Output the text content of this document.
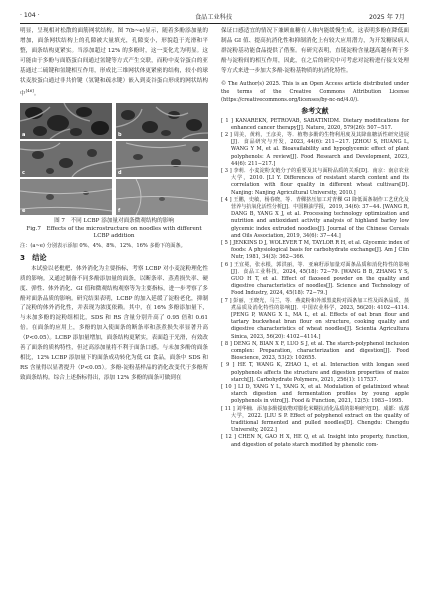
· 104 ·	食品工业科技	2025 年 7月

明显，呈现相对松散的面筋网状结构。图 7(b~e)显示，随着多酚添加量的增加，面条网状结构上的孔隙被大量填充，孔隙变小，形貌趋于光滑和平整，面条结构更紧实。当添加超过 12% 的多酚时，这一变化尤为明显。这可能由于多酚与面筋蛋白间通过氢键等方式产生交联，而粉中麦谷蛋白的亚基通过二硫键和氢键相互作用，形成比三维网状体更紧密的结构，较小的球状麦胶蛋白通过非共价键（氢键和疏水键）嵌入到麦谷蛋白形成的网状结构中[46]。

a	b
c	d
e	f

图 7　不同 LCBP 添加量对面条微观结构的影响

Fig.7　Effects of the microstructure on noodles with different

LCBP addition

注：(a~e) 分别表示添加 0%、4%、8%、12%、16% 多酚下的面条。

3　结论

本试验以老枇杷、体外消化为主要指标，考察 LCBP 对小麦淀粉理化性质的影响。又通过制备不同多酚添加量的面条，以断条率、蒸煮损失率、硬度、弹性、体外消化、GI 值和微观结构观察等为主要指标，进一步考察了多酚对面条品质的影响。研究结果表明，LCBP 的加入延缓了淀粉老化，抑制了淀粉的体外消化性，并表现为浓度依赖。其中，在 16% 多酚添加量下，与未加多酚的淀粉组相比，SDS 和 RS 含量分别升高了 0.95 倍和 0.61 倍。在面条的应用上，多酚的加入使面条的断条率和蒸煮损失率显著升高（P<0.05）。LCBP 添加量增加，面条结构更紧实，表面趋于光滑，有效改善了面条的质构特性，但过高添加量将不利于面条口感。与未加多酚的面条相比，12% LCBP 添加量下的面条成功转化为低 GI 食品，面条中 SDS 和 RS 含量得以显著提升（P<0.05）。多酚-淀粉基样品的消化改变代于多酚所致面条结构。综合上述指标得出，添加 12% 多酚的面条可做到在

保证口感适宜的情况下兼顾血糖在人体内能缓慢生成。这表明多酚在降低面制品 GI 值、提高抗消化性和抑制消化上有较大应用潜力，为开发糖尿病人群淀粉基功能食品提供了借鉴。有研究表明，直链淀粉含量越高越有利于多酚与淀粉间的相互作用，因此，在之后的研究中可考虑对淀粉进行接支处理等方式来进一步加大多酚-淀粉基物质的抗消化特性。

© The Author(s) 2025. This is an Open Access article distributed under the terms of the Creative Commons Attribution License (https://creativecommons.org/licenses/by-nc-nd/4.0/).

参考文献

[ 1 ] KANAREKN, PETROVAB, SABATINIDM. Dietary modifications for enhanced cancer therapy[J]. Nature, 2020, 579(26): 507−517.

[ 2 ] 周美，黄莉，王彦美，等．植物多酚的生物利用度及其降血糖活性研究进展[J]．食品研究与开发，2023, 44(6): 211−217. [ZHOU S, HUANG L, WANG Y M, et al. Bioavailability and hypoglycemic effect of plant polyphenols: A review[J]. Food Research and Development, 2023, 44(6): 211−217.]

[ 3 ] 李莉．小麦淀粉支链分子的重要及其与面粉品质的关系[D]．南京：南京农业大学，2010. [LI Y. Differences of resistant starch content and its correlation with flour quality in different wheat cultivars[D]. Nanjing: Nanjing Agricultural University, 2010.]

[ 4 ] 王鹏，史敏，杨春晓，等．青稞挤压加工对青稞 GI 降低面条制作工艺优化及营养与抗氧化活性分析[J]．中国粮油学报，2019, 34(6): 37−44. [WANG R, DANG B, YANG X J, et al. Processing technology optimization and nutrition and antioxidant activity analysis of highland barley low glycemic index extruded noodles[J]. Journal of the Chinese Cereals and Oils Association, 2019, 34(6): 37−44.]

[ 5 ] JENKINS D J, WOLEVER T M, TAYLOR R H, et al. Glycemic index of foods: A physiological basis for carbohydrate exchange[J]. Am J Clin Nutr, 1981, 34(3): 362−366.

[ 6 ] 王宜冕，张水根，郭洪丽，等．亚麻籽添加量对面条品质和消化特性的影响[J]．食品工业科技，2024, 45(18): 72−79. [WANG B B, ZHANG Y S, GUO H T, et al. Effect of flaxseed powder on the quality and digestive characteristics of noodles[J]. Science and Technology of Food Industry, 2024, 45(18): 72−79.]

[ 7 ] 彭丽，王晓光，马兰，等．燕麦粉和外部黑麦粉对面条加工性及面条品质、蒸煮品质及消化特性的影响[J]．中国农业科学，2023, 56(20): 4102−4114. [PENG P, WANG X L, MA L, et al. Effects of oat bran flour and tartary buckwheat bran flour on structure, cooking quality and digestive characteristics of wheat noodles[J]. Scientia Agricultura Sinica, 2023, 56(20): 4102−4114.]

[ 8 ] DENG N, BIAN X F, LUO S J, et al. The starch-polyphenol inclusion complex: Preparation, characterization and digestion[J]. Food Bioscience, 2023, 53(2): 102655.

[ 9 ] HE T, WANG K, ZHAO L, et al. Interaction with longan seed polyphenols affects the structure and digestion properties of maize starch[J]. Carbohydrate Polymers, 2021, 256(1): 117537.

[ 10 ] LI D, YANG Y L, YANG X, et al. Modulation of gelatinized wheat starch digestion and fermentation profiles by young apple polyphenols in vitro[J]. Food & Function, 2021, 12(5): 1983−1995.

[ 11 ] 刘华楠．添加多酚提取物对膨化米糊抗消化品质的影响研究[D]．成都：成都大学，2022. [LIU S P. Effect of polyphenol extract on the quality of traditional fermented and pulled noodles[D]. Chengdu: Chengdu University, 2022.]

[ 12 ] CHEN N, GAO H X, HE Q, et al. Insight into property, function, and digestion of potato starch modified by phenolic com-
